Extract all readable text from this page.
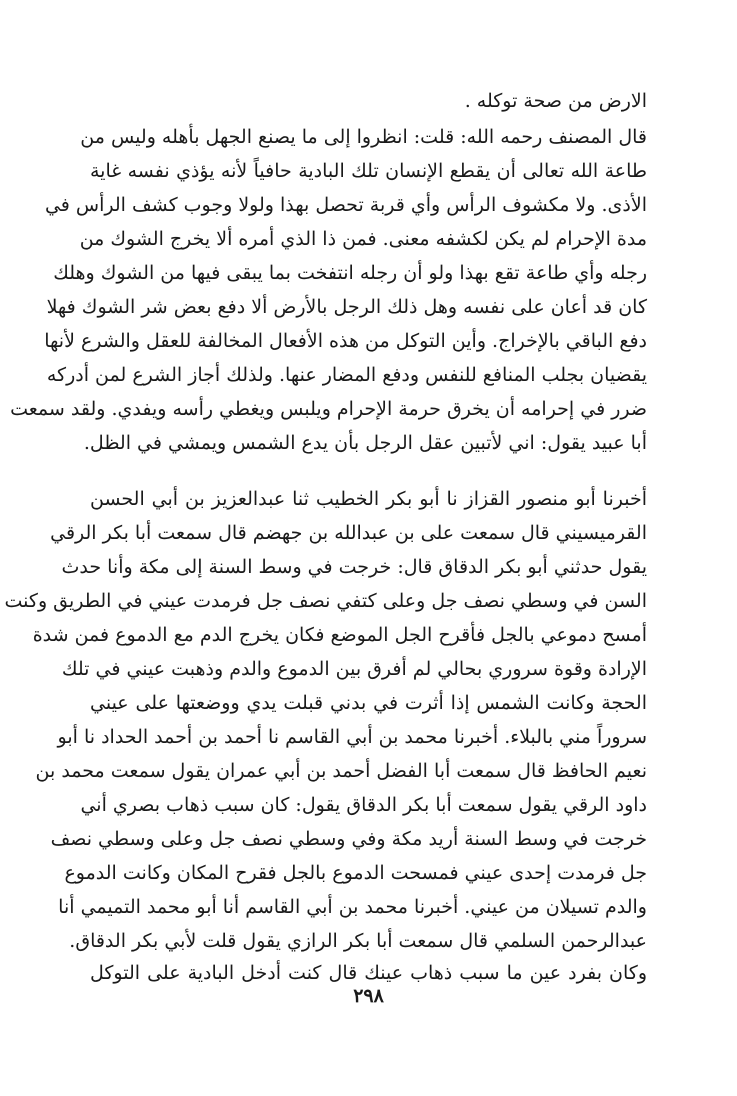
الارض من صحة توكله .
قال المصنف رحمه الله: قلت: انظروا إلى ما يصنع الجهل بأهله وليس من
طاعة الله تعالى أن يقطع الإنسان تلك البادية حافياً لأنه يؤذي نفسه غاية
الأذى. ولا مكشوف الرأس وأي قربة تحصل بهذا ولولا وجوب كشف الرأس في
مدة الإحرام لم يكن لكشفه معنى. فمن ذا الذي أمره ألا يخرج الشوك من
رجله وأي طاعة تقع بهذا ولو أن رجله انتفخت بما يبقى فيها من الشوك وهلك
كان قد أعان على نفسه وهل ذلك الرجل بالأرض ألا دفع بعض شر الشوك فهلا
دفع الباقي بالإخراج. وأين التوكل من هذه الأفعال المخالفة للعقل والشرع لأنها
يقضيان بجلب المنافع للنفس ودفع المضار عنها. ولذلك أجاز الشرع لمن أدركه
ضرر في إحرامه أن يخرق حرمة الإحرام ويلبس ويغطي رأسه ويفدي. ولقد سمعت
أبا عبيد يقول: اني لأتبين عقل الرجل بأن يدع الشمس ويمشي في الظل.
أخبرنا أبو منصور القزاز نا أبو بكر الخطيب ثنا عبدالعزيز بن أبي الحسن
القرميسيني قال سمعت على بن عبدالله بن جهضم قال سمعت أبا بكر الرقي
يقول حدثني أبو بكر الدقاق قال: خرجت في وسط السنة إلى مكة وأنا حدث
السن في وسطي نصف جل وعلى كتفي نصف جل فرمدت عيني في الطريق وكنت
أمسح دموعي بالجل فأقرح الجل الموضع فكان يخرج الدم مع الدموع فمن شدة
الإرادة وقوة سروري بحالي لم أفرق بين الدموع والدم وذهبت عيني في تلك
الحجة وكانت الشمس إذا أثرت في بدني قبلت يدي ووضعتها على عيني
سروراً مني بالبلاء. أخبرنا محمد بن أبي القاسم نا أحمد بن أحمد الحداد نا أبو
نعيم الحافظ قال سمعت أبا الفضل أحمد بن أبي عمران يقول سمعت محمد بن
داود الرقي يقول سمعت أبا بكر الدقاق يقول: كان سبب ذهاب بصري أني
خرجت في وسط السنة أريد مكة وفي وسطي نصف جل وعلى وسطي نصف
جل فرمدت إحدى عيني فمسحت الدموع بالجل فقرح المكان وكانت الدموع
والدم تسيلان من عيني. أخبرنا محمد بن أبي القاسم أنا أبو محمد التميمي أنا
عبدالرحمن السلمي قال سمعت أبا بكر الرازي يقول قلت لأبي بكر الدقاق.
وكان بفرد عين ما سبب ذهاب عينك قال كنت أدخل البادية على التوكل
٢٩٨
